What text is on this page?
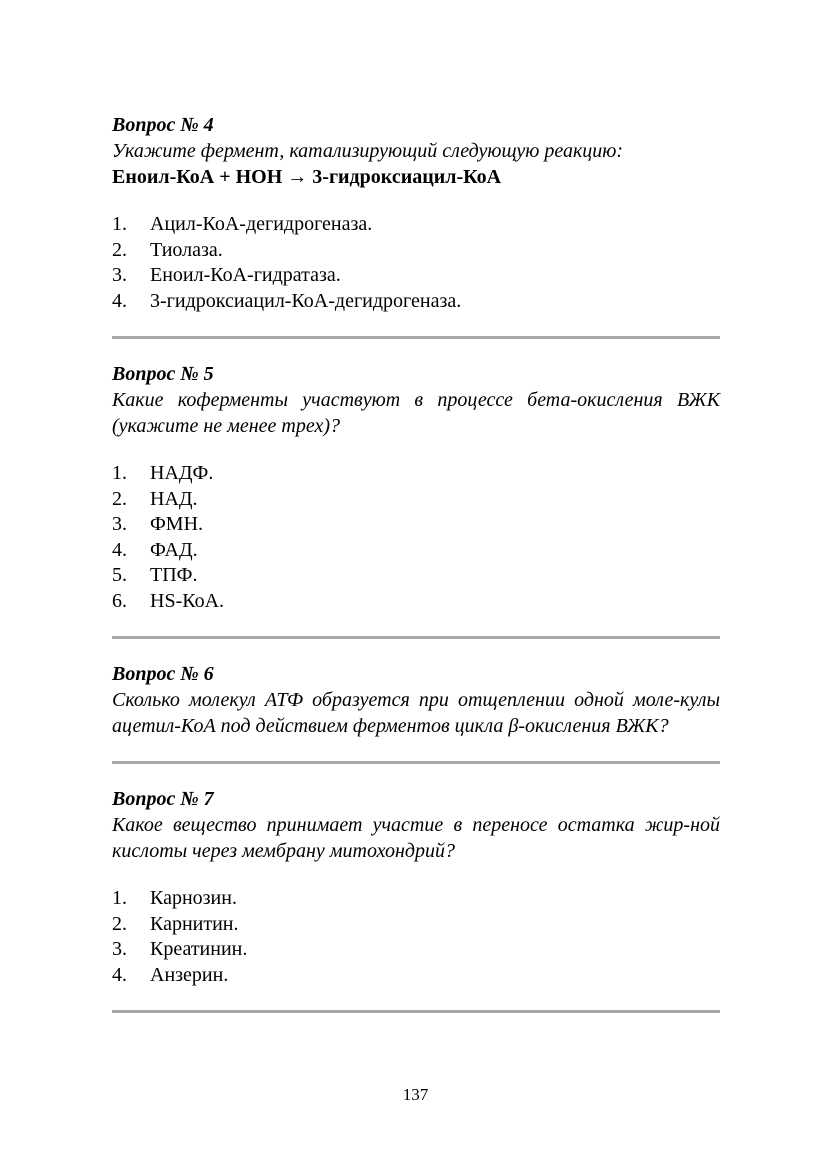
Вопрос № 4

Укажите фермент, катализирующий следующую реакцию:

Еноил-КоА + НОН → 3-гидроксиацил-КоА

1.	Ацил-КоА-дегидрогеназа.
2.	Тиолаза.
3.	Еноил-КоА-гидратаза.
4.	3-гидроксиацил-КоА-дегидрогеназа.

Вопрос № 5

Какие коферменты участвуют в процессе бета-окисления ВЖК (укажите не менее трех)?

1.	НАДФ.
2.	НАД.
3.	ФМН.
4.	ФАД.
5.	ТПФ.
6.	HS-КоА.

Вопрос № 6

Сколько молекул АТФ образуется при отщеплении одной моле-кулы ацетил-КоА под действием ферментов цикла β-окисления ВЖК?

Вопрос № 7

Какое вещество принимает участие в переносе остатка жир-ной кислоты через мембрану митохондрий?

1.	Карнозин.
2.	Карнитин.
3.	Креатинин.
4.	Анзерин.
137
